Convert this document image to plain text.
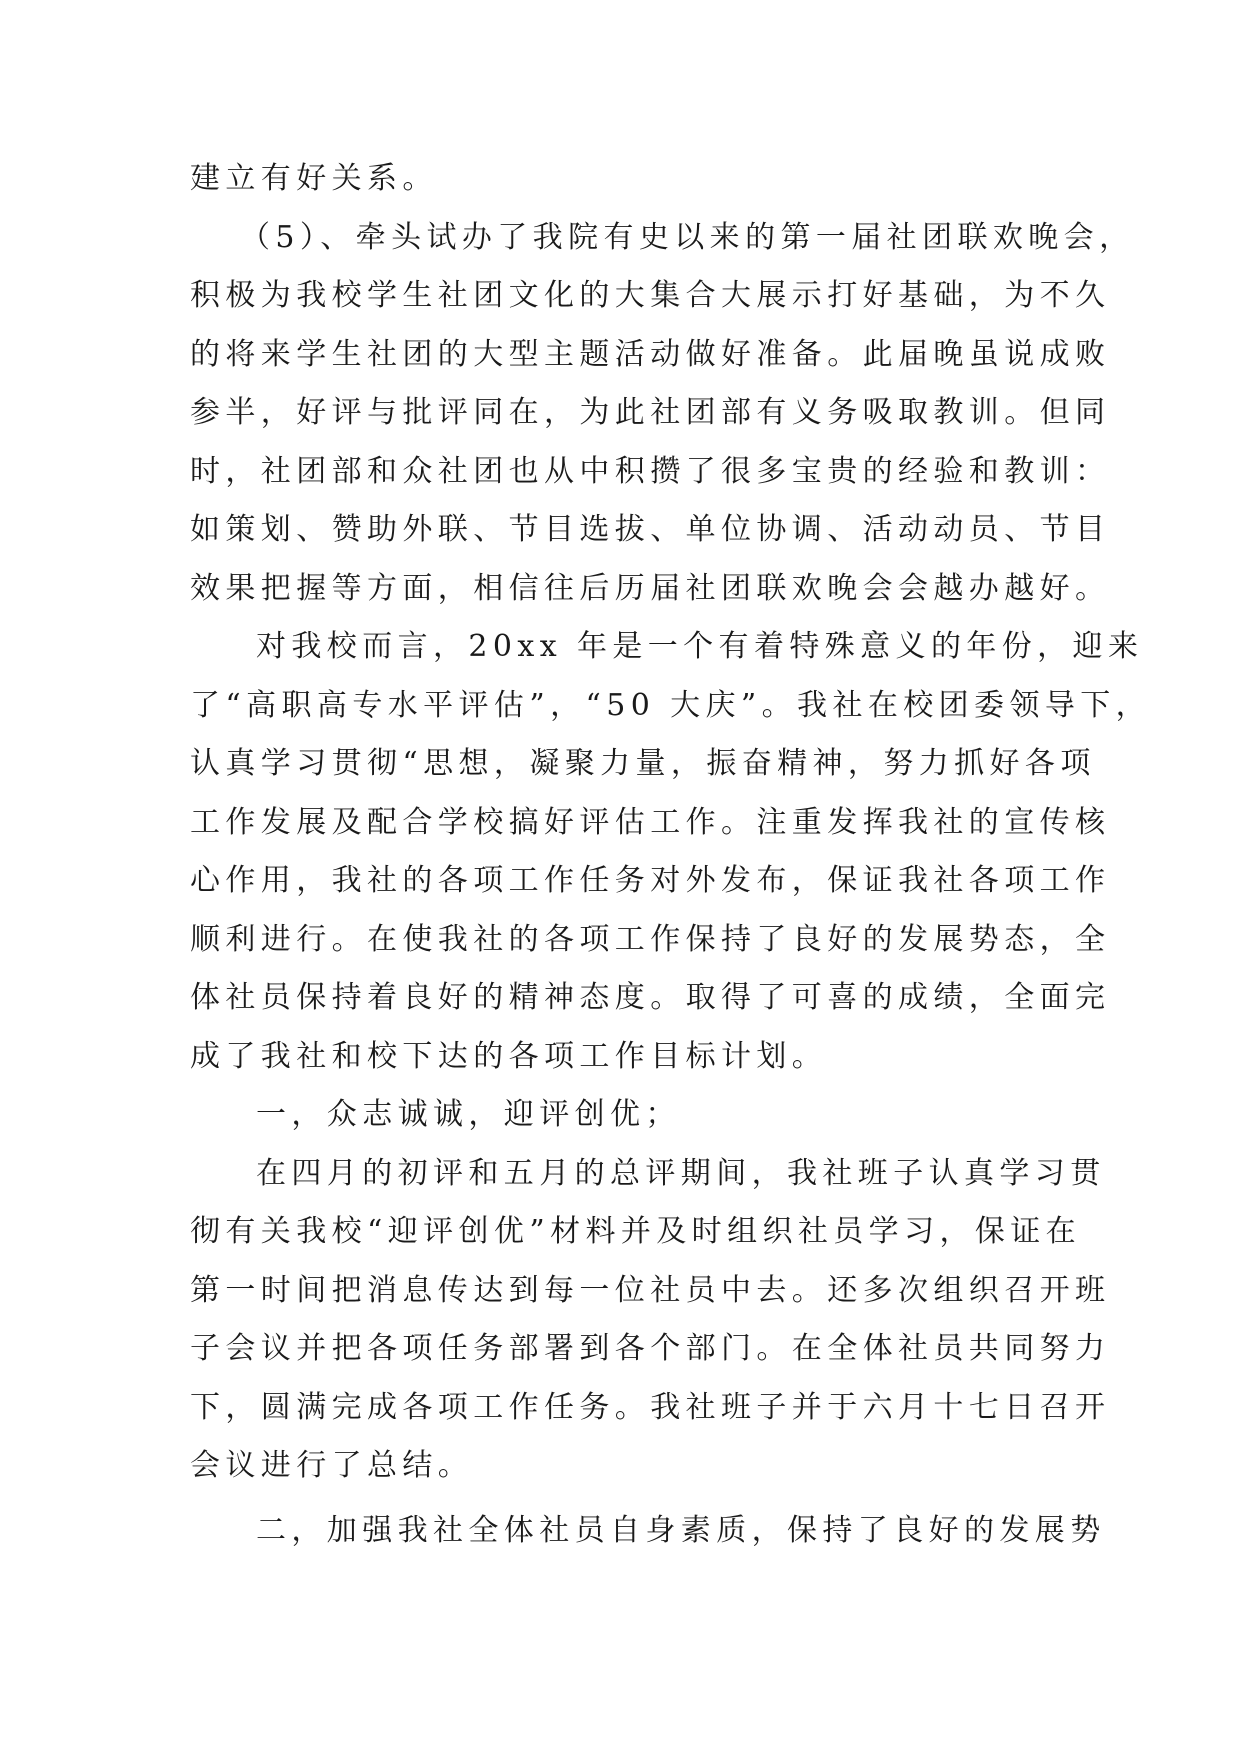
建立有好关系。
（5）、牵头试办了我院有史以来的第一届社团联欢晚会，
积极为我校学生社团文化的大集合大展示打好基础，为不久
的将来学生社团的大型主题活动做好准备。此届晚虽说成败
参半，好评与批评同在，为此社团部有义务吸取教训。但同
时，社团部和众社团也从中积攒了很多宝贵的经验和教训：
如策划、赞助外联、节目选拔、单位协调、活动动员、节目
效果把握等方面，相信往后历届社团联欢晚会会越办越好。
对我校而言，20xx 年是一个有着特殊意义的年份，迎来
了“高职高专水平评估”，“50 大庆”。我社在校团委领导下，
认真学习贯彻“思想，凝聚力量，振奋精神，努力抓好各项
工作发展及配合学校搞好评估工作。注重发挥我社的宣传核
心作用，我社的各项工作任务对外发布，保证我社各项工作
顺利进行。在使我社的各项工作保持了良好的发展势态，全
体社员保持着良好的精神态度。取得了可喜的成绩，全面完
成了我社和校下达的各项工作目标计划。
一，众志诚诚，迎评创优；
在四月的初评和五月的总评期间，我社班子认真学习贯
彻有关我校“迎评创优”材料并及时组织社员学习，保证在
第一时间把消息传达到每一位社员中去。还多次组织召开班
子会议并把各项任务部署到各个部门。在全体社员共同努力
下，圆满完成各项工作任务。我社班子并于六月十七日召开
会议进行了总结。
二，加强我社全体社员自身素质，保持了良好的发展势
